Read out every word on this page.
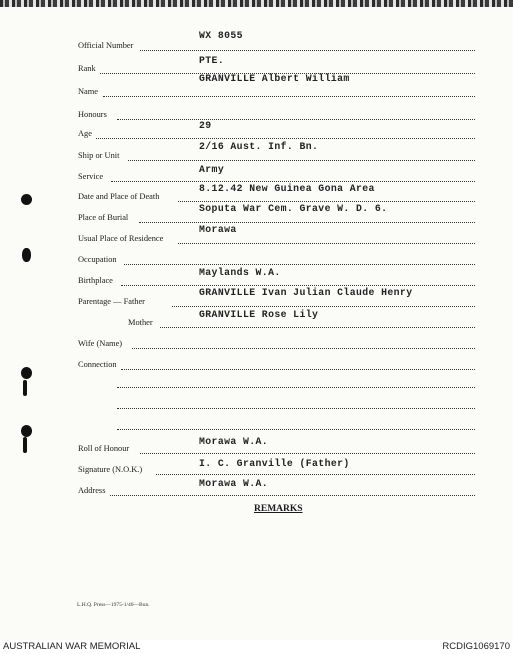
Official Number
WX 8055
Rank
PTE.
Name
GRANVILLE Albert William
Honours
Age
29
Ship or Unit
2/16 Aust. Inf. Bn.
Service
Army
Date and Place of Death
8.12.42 New Guinea Gona Area
Place of Burial
Soputa War Cem. Grave W. D. 6.
Usual Place of Residence
Morawa
Occupation
Birthplace
Maylands W.A.
Parentage — Father
GRANVILLE Ivan Julian Claude Henry
Mother
GRANVILLE Rose Lily
Wife (Name)
Connection
Roll of Honour
Morawa W.A.
Signature (N.O.K.)
I. C. Granville (Father)
Address
Morawa W.A.
REMARKS
L.H.Q. Press—1975-1/46—Bun.
AUSTRALIAN WAR MEMORIAL	RCDIG1069170
